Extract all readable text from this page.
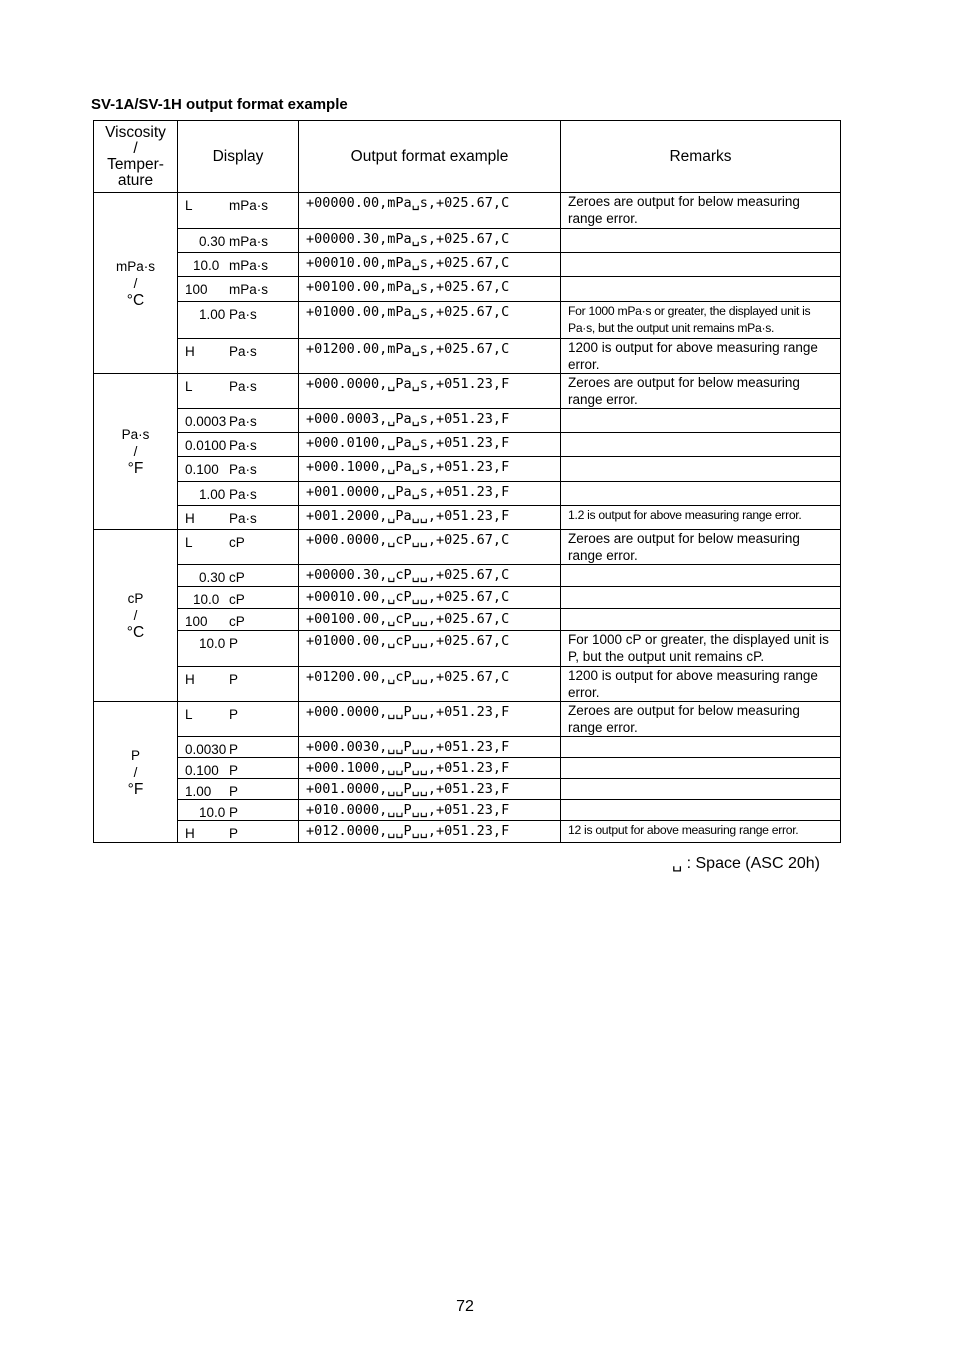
SV-1A/SV-1H output format example
Viscosity
/
Temper-
ature	Display	Output format example	Remarks

mPa·s
/
°C	L mPa·s	+00000.00,mPa␣s,+025.67,C	Zeroes are output for below measuring range error.
	0.30 mPa·s	+00000.30,mPa␣s,+025.67,C	
	10.0 mPa·s	+00010.00,mPa␣s,+025.67,C	
	100 mPa·s	+00100.00,mPa␣s,+025.67,C	
	1.00 Pa·s	+01000.00,mPa␣s,+025.67,C	For 1000 mPa·s or greater, the displayed unit is Pa·s, but the output unit remains mPa·s.
	H Pa·s	+01200.00,mPa␣s,+025.67,C	1200 is output for above measuring range error.

Pa·s
/
°F	L Pa·s	+000.0000,␣Pa␣s,+051.23,F	Zeroes are output for below measuring range error.
	0.0003 Pa·s	+000.0003,␣Pa␣s,+051.23,F	
	0.0100 Pa·s	+000.0100,␣Pa␣s,+051.23,F	
	0.100 Pa·s	+000.1000,␣Pa␣s,+051.23,F	
	1.00 Pa·s	+001.0000,␣Pa␣s,+051.23,F	
	H Pa·s	+001.2000,␣Pa␣␣,+051.23,F	1.2 is output for above measuring range error.

cP
/
°C	L cP	+000.0000,␣cP␣␣,+025.67,C	Zeroes are output for below measuring range error.
	0.30 cP	+00000.30,␣cP␣␣,+025.67,C	
	10.0 cP	+00010.00,␣cP␣␣,+025.67,C	
	100 cP	+00100.00,␣cP␣␣,+025.67,C	
	10.0 P	+01000.00,␣cP␣␣,+025.67,C	For 1000 cP or greater, the displayed unit is P, but the output unit remains cP.
	H P	+01200.00,␣cP␣␣,+025.67,C	1200 is output for above measuring range error.

P
/
°F	L P	+000.0000,␣␣P␣␣,+051.23,F	Zeroes are output for below measuring range error.
	0.0030 P	+000.0030,␣␣P␣␣,+051.23,F	
	0.100 P	+000.1000,␣␣P␣␣,+051.23,F	
	1.00 P	+001.0000,␣␣P␣␣,+051.23,F	
	10.0 P	+010.0000,␣␣P␣␣,+051.23,F	
	H P	+012.0000,␣␣P␣␣,+051.23,F	12 is output for above measuring range error.
␣ : Space (ASC 20h)
72
